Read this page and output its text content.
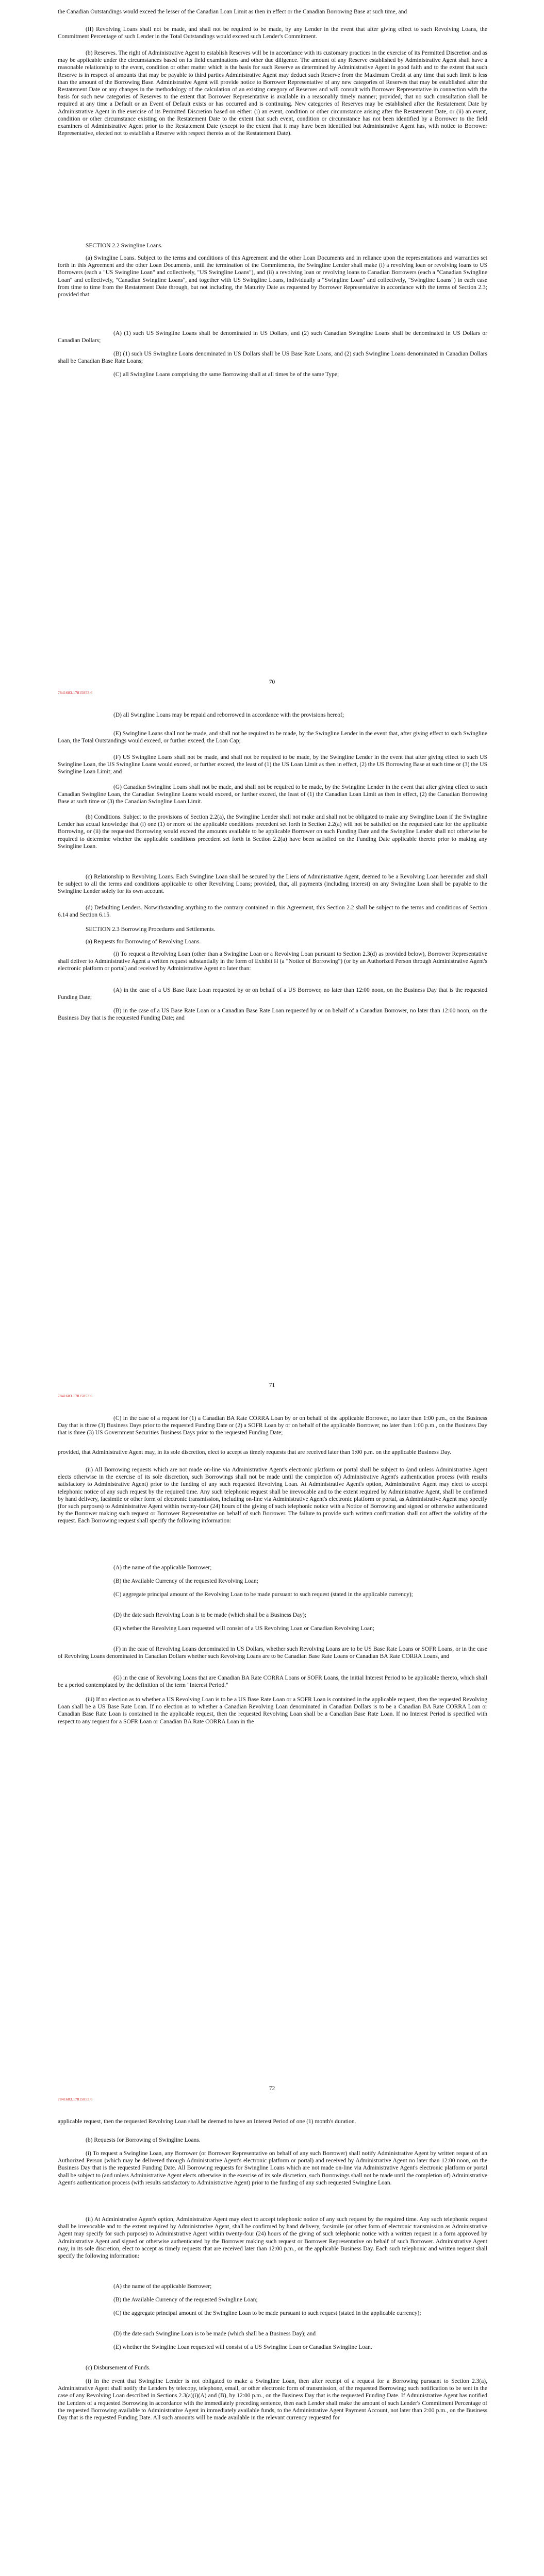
the Canadian Outstandings would exceed the lesser of the Canadian Loan Limit as then in effect or the Canadian Borrowing Base at such time, and
(II) Revolving Loans shall not be made, and shall not be required to be made, by any Lender in the event that after giving effect to such Revolving Loans, the Commitment Percentage of such Lender in the Total Outstandings would exceed such Lender's Commitment.
(b) Reserves. The right of Administrative Agent to establish Reserves will be in accordance with its customary practices in the exercise of its Permitted Discretion and as may be applicable under the circumstances based on its field examinations and other due diligence. The amount of any Reserve established by Administrative Agent shall have a reasonable relationship to the event, condition or other matter which is the basis for such Reserve as determined by Administrative Agent in good faith and to the extent that such Reserve is in respect of amounts that may be payable to third parties Administrative Agent may deduct such Reserve from the Maximum Credit at any time that such limit is less than the amount of the Borrowing Base. Administrative Agent will provide notice to Borrower Representative of any new categories of Reserves that may be established after the Restatement Date or any changes in the methodology of the calculation of an existing category of Reserves and will consult with Borrower Representative in connection with the basis for such new categories of Reserves to the extent that Borrower Representative is available in a reasonably timely manner; provided, that no such consultation shall be required at any time a Default or an Event of Default exists or has occurred and is continuing. New categories of Reserves may be established after the Restatement Date by Administrative Agent in the exercise of its Permitted Discretion based on either: (i) an event, condition or other circumstance arising after the Restatement Date, or (ii) an event, condition or other circumstance existing on the Restatement Date to the extent that such event, condition or circumstance has not been identified by a Borrower to the field examiners of Administrative Agent prior to the Restatement Date (except to the extent that it may have been identified but Administrative Agent has, with notice to Borrower Representative, elected not to establish a Reserve with respect thereto as of the Restatement Date).
SECTION 2.2 Swingline Loans.
(a) Swingline Loans. Subject to the terms and conditions of this Agreement and the other Loan Documents and in reliance upon the representations and warranties set forth in this Agreement and the other Loan Documents, until the termination of the Commitments, the Swingline Lender shall make (i) a revolving loan or revolving loans to US Borrowers (each a "US Swingline Loan" and collectively, "US Swingline Loans"), and (ii) a revolving loan or revolving loans to Canadian Borrowers (each a "Canadian Swingline Loan" and collectively, "Canadian Swingline Loans", and together with US Swingline Loans, individually a "Swingline Loan" and collectively, "Swingline Loans") in each case from time to time from the Restatement Date through, but not including, the Maturity Date as requested by Borrower Representative in accordance with the terms of Section 2.3; provided that:
(A) (1) such US Swingline Loans shall be denominated in US Dollars, and (2) such Canadian Swingline Loans shall be denominated in US Dollars or Canadian Dollars;
(B) (1) such US Swingline Loans denominated in US Dollars shall be US Base Rate Loans, and (2) such Swingline Loans denominated in Canadian Dollars shall be Canadian Base Rate Loans;
(C) all Swingline Loans comprising the same Borrowing shall at all times be of the same Type;
70
7841683.17815853.6
(D) all Swingline Loans may be repaid and reborrowed in accordance with the provisions hereof;
(E) Swingline Loans shall not be made, and shall not be required to be made, by the Swingline Lender in the event that, after giving effect to such Swingline Loan, the Total Outstandings would exceed, or further exceed, the Loan Cap;
(F) US Swingline Loans shall not be made, and shall not be required to be made, by the Swingline Lender in the event that after giving effect to such US Swingline Loan, the US Swingline Loans would exceed, or further exceed, the least of (1) the US Loan Limit as then in effect, (2) the US Borrowing Base at such time or (3) the US Swingline Loan Limit; and
(G) Canadian Swingline Loans shall not be made, and shall not be required to be made, by the Swingline Lender in the event that after giving effect to such Canadian Swingline Loan, the Canadian Swingline Loans would exceed, or further exceed, the least of (1) the Canadian Loan Limit as then in effect, (2) the Canadian Borrowing Base at such time or (3) the Canadian Swingline Loan Limit.
(b) Conditions. Subject to the provisions of Section 2.2(a), the Swingline Lender shall not make and shall not be obligated to make any Swingline Loan if the Swingline Lender has actual knowledge that (i) one (1) or more of the applicable conditions precedent set forth in Section 2.2(a) will not be satisfied on the requested date for the applicable Borrowing, or (ii) the requested Borrowing would exceed the amounts available to be applicable Borrower on such Funding Date and the Swingline Lender shall not otherwise be required to determine whether the applicable conditions precedent set forth in Section 2.2(a) have been satisfied on the Funding Date applicable thereto prior to making any Swingline Loan.
(c) Relationship to Revolving Loans. Each Swingline Loan shall be secured by the Liens of Administrative Agent, deemed to be a Revolving Loan hereunder and shall be subject to all the terms and conditions applicable to other Revolving Loans; provided, that, all payments (including interest) on any Swingline Loan shall be payable to the Swingline Lender solely for its own account.
(d) Defaulting Lenders. Notwithstanding anything to the contrary contained in this Agreement, this Section 2.2 shall be subject to the terms and conditions of Section 6.14 and Section 6.15.
SECTION 2.3 Borrowing Procedures and Settlements.
(a) Requests for Borrowing of Revolving Loans.
(i) To request a Revolving Loan (other than a Swingline Loan or a Revolving Loan pursuant to Section 2.3(d) as provided below), Borrower Representative shall deliver to Administrative Agent a written request substantially in the form of Exhibit H (a "Notice of Borrowing") (or by an Authorized Person through Administrative Agent's electronic platform or portal) and received by Administrative Agent no later than:
(A) in the case of a US Base Rate Loan requested by or on behalf of a US Borrower, no later than 12:00 noon, on the Business Day that is the requested Funding Date;
(B) in the case of a US Base Rate Loan or a Canadian Base Rate Loan requested by or on behalf of a Canadian Borrower, no later than 12:00 noon, on the Business Day that is the requested Funding Date; and
71
7841683.17815853.6
(C) in the case of a request for (1) a Canadian BA Rate CORRA Loan by or on behalf of the applicable Borrower, no later than 1:00 p.m., on the Business Day that is three (3) Business Days prior to the requested Funding Date or (2) a SOFR Loan by or on behalf of the applicable Borrower, no later than 1:00 p.m., on the Business Day that is three (3) US Government Securities Business Days prior to the requested Funding Date;
provided, that Administrative Agent may, in its sole discretion, elect to accept as timely requests that are received later than 1:00 p.m. on the applicable Business Day.
(ii) All Borrowing requests which are not made on-line via Administrative Agent's electronic platform or portal shall be subject to (and unless Administrative Agent elects otherwise in the exercise of its sole discretion, such Borrowings shall not be made until the completion of) Administrative Agent's authentication process (with results satisfactory to Administrative Agent) prior to the funding of any such requested Revolving Loan. At Administrative Agent's option, Administrative Agent may elect to accept telephonic notice of any such request by the required time. Any such telephonic request shall be irrevocable and to the extent required by Administrative Agent, shall be confirmed by hand delivery, facsimile or other form of electronic transmission, including on-line via Administrative Agent's electronic platform or portal, as Administrative Agent may specify (for such purposes) to Administrative Agent within twenty-four (24) hours of the giving of such telephonic notice with a Notice of Borrowing and signed or otherwise authenticated by the Borrower making such request or Borrower Representative on behalf of such Borrower. The failure to provide such written confirmation shall not affect the validity of the request. Each Borrowing request shall specify the following information:
(A) the name of the applicable Borrower;
(B) the Available Currency of the requested Revolving Loan;
(C) aggregate principal amount of the Revolving Loan to be made pursuant to such request (stated in the applicable currency);
(D) the date such Revolving Loan is to be made (which shall be a Business Day);
(E) whether the Revolving Loan requested will consist of a US Revolving Loan or Canadian Revolving Loan;
(F) in the case of Revolving Loans denominated in US Dollars, whether such Revolving Loans are to be US Base Rate Loans or SOFR Loans, or in the case of Revolving Loans denominated in Canadian Dollars whether such Revolving Loans are to be Canadian Base Rate Loans or Canadian BA Rate CORRA Loans, and
(G) in the case of Revolving Loans that are Canadian BA Rate CORRA Loans or SOFR Loans, the initial Interest Period to be applicable thereto, which shall be a period contemplated by the definition of the term "Interest Period."
(iii) If no election as to whether a US Revolving Loan is to be a US Base Rate Loan or a SOFR Loan is contained in the applicable request, then the requested Revolving Loan shall be a US Base Rate Loan. If no election as to whether a Canadian Revolving Loan denominated in Canadian Dollars is to be a Canadian BA Rate CORRA Loan or Canadian Base Rate Loan is contained in the applicable request, then the requested Revolving Loan shall be a Canadian Base Rate Loan. If no Interest Period is specified with respect to any request for a SOFR Loan or Canadian BA Rate CORRA Loan in the
72
7841683.17815853.6
applicable request, then the requested Revolving Loan shall be deemed to have an Interest Period of one (1) month's duration.
(b) Requests for Borrowing of Swingline Loans.
(i) To request a Swingline Loan, any Borrower (or Borrower Representative on behalf of any such Borrower) shall notify Administrative Agent by written request of an Authorized Person (which may be delivered through Administrative Agent's electronic platform or portal) and received by Administrative Agent no later than 12:00 noon, on the Business Day that is the requested Funding Date. All Borrowing requests for Swingline Loans which are not made on-line via Administrative Agent's electronic platform or portal shall be subject to (and unless Administrative Agent elects otherwise in the exercise of its sole discretion, such Borrowings shall not be made until the completion of) Administrative Agent's authentication process (with results satisfactory to Administrative Agent) prior to the funding of any such requested Swingline Loan.
(ii) At Administrative Agent's option, Administrative Agent may elect to accept telephonic notice of any such request by the required time. Any such telephonic request shall be irrevocable and to the extent required by Administrative Agent, shall be confirmed by hand delivery, facsimile (or other form of electronic transmission as Administrative Agent may specify for such purpose) to Administrative Agent within twenty-four (24) hours of the giving of such telephonic notice with a written request in a form approved by Administrative Agent and signed or otherwise authenticated by the Borrower making such request or Borrower Representative on behalf of such Borrower. Administrative Agent may, in its sole discretion, elect to accept as timely requests that are received later than 12:00 p.m., on the applicable Business Day. Each such telephonic and written request shall specify the following information:
(A) the name of the applicable Borrower;
(B) the Available Currency of the requested Swingline Loan;
(C) the aggregate principal amount of the Swingline Loan to be made pursuant to such request (stated in the applicable currency);
(D) the date such Swingline Loan is to be made (which shall be a Business Day); and
(E) whether the Swingline Loan requested will consist of a US Swingline Loan or Canadian Swingline Loan.
(c) Disbursement of Funds.
(i) In the event that Swingline Lender is not obligated to make a Swingline Loan, then after receipt of a request for a Borrowing pursuant to Section 2.3(a), Administrative Agent shall notify the Lenders by telecopy, telephone, email, or other electronic form of transmission, of the requested Borrowing; such notification to be sent in the case of any Revolving Loan described in Sections 2.3(a)(i)(A) and (B), by 12:00 p.m., on the Business Day that is the requested Funding Date. If Administrative Agent has notified the Lenders of a requested Borrowing in accordance with the immediately preceding sentence, then each Lender shall make the amount of such Lender's Commitment Percentage of the requested Borrowing available to Administrative Agent in immediately available funds, to the Administrative Agent Payment Account, not later than 2:00 p.m., on the Business Day that is the requested Funding Date. All such amounts will be made available in the relevant currency requested for
